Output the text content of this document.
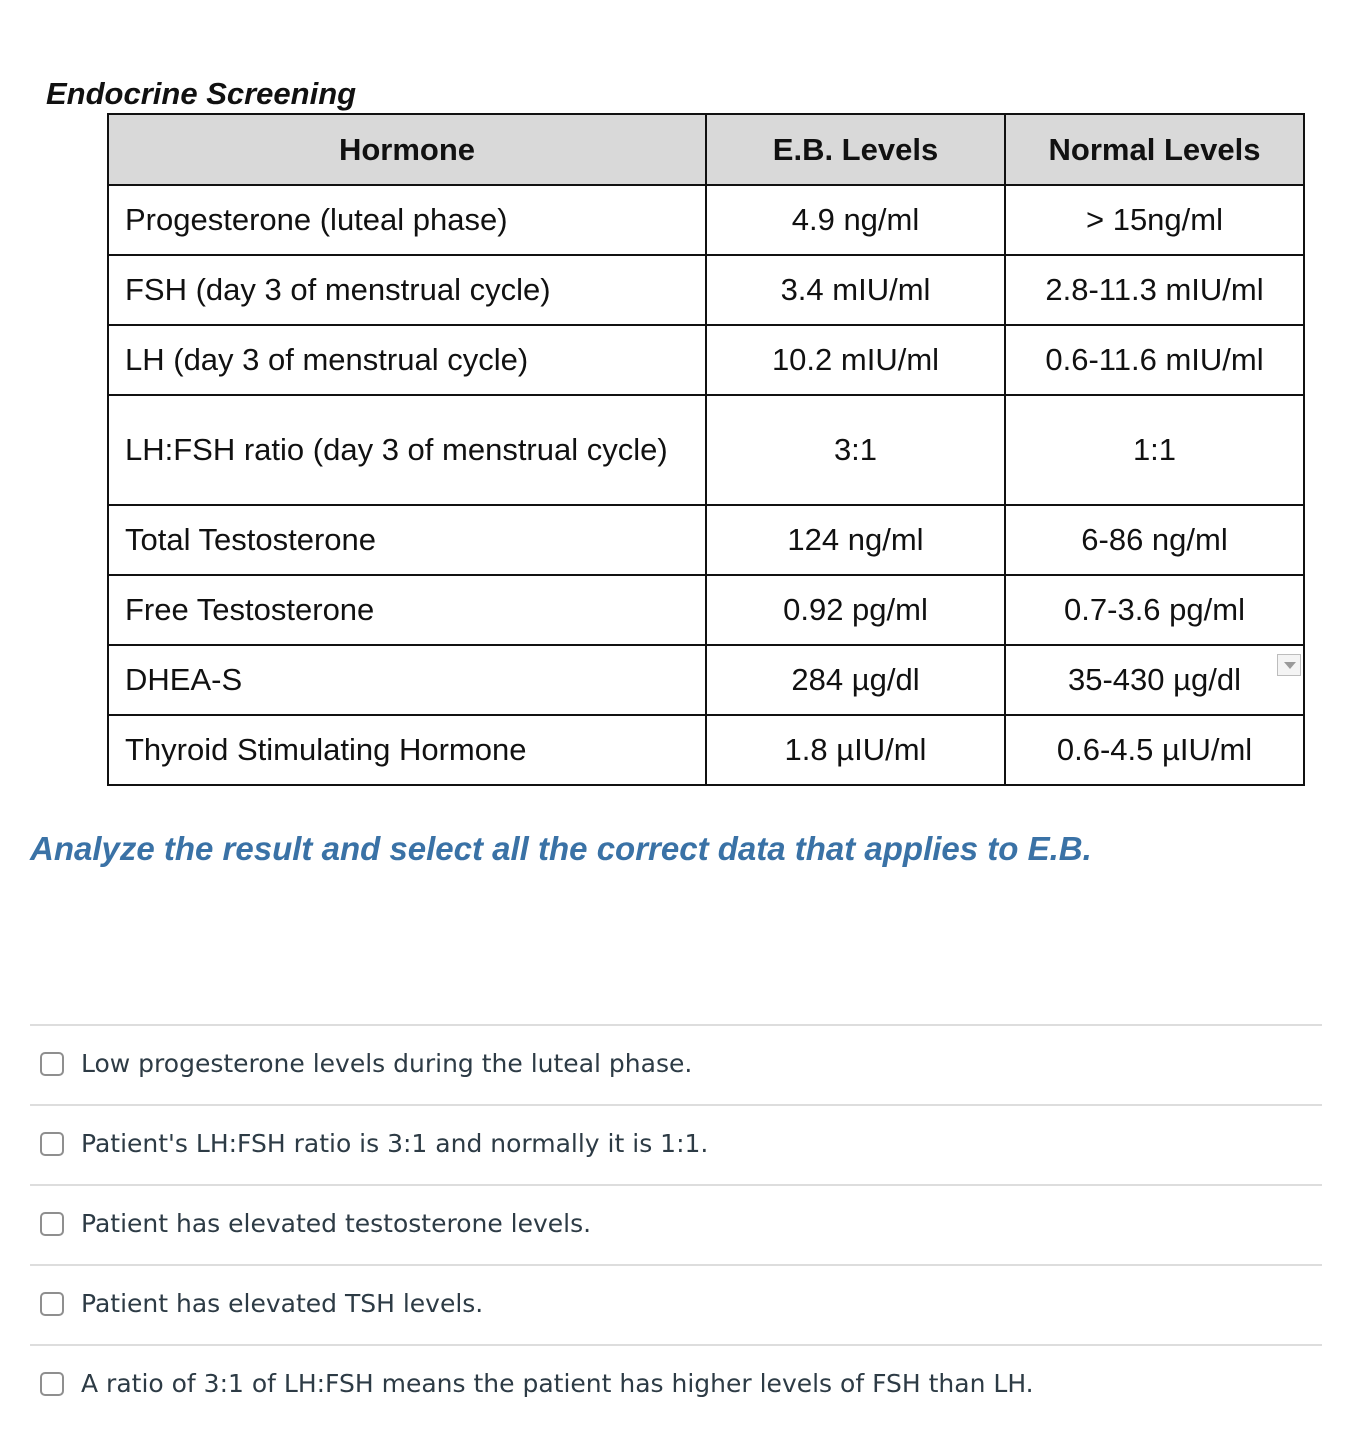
Endocrine Screening
Hormone	E.B. Levels	Normal Levels
Progesterone (luteal phase)	4.9 ng/ml	> 15ng/ml
FSH (day 3 of menstrual cycle)	3.4 mIU/ml	2.8-11.3 mIU/ml
LH (day 3 of menstrual cycle)	10.2 mIU/ml	0.6-11.6 mIU/ml
LH:FSH ratio (day 3 of menstrual cycle)	3:1	1:1
Total Testosterone	124 ng/ml	6-86 ng/ml
Free Testosterone	0.92 pg/ml	0.7-3.6 pg/ml
DHEA-S	284 µg/dl	35-430 µg/dl

Thyroid Stimulating Hormone	1.8 µIU/ml	0.6-4.5 µIU/ml

Analyze the result and select all the correct data that applies to E.B.

Low progesterone levels during the luteal phase.
Patient's LH:FSH ratio is 3:1 and normally it is 1:1.
Patient has elevated testosterone levels.
Patient has elevated TSH levels.
A ratio of 3:1 of LH:FSH means the patient has higher levels of FSH than LH.
